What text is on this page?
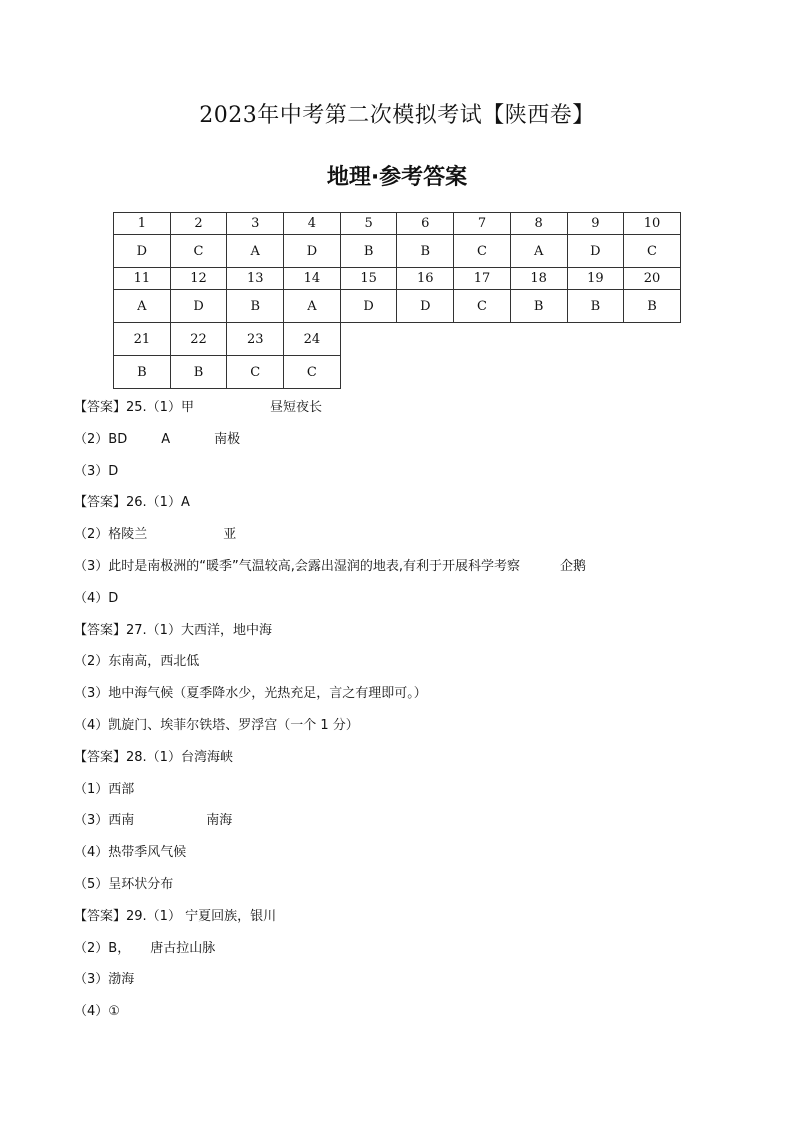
2023年中考第二次模拟考试【陕西卷】
地理·参考答案
1	2	3	4	5	6	7	8	9	10
D	C	A	D	B	B	C	A	D	C
11	12	13	14	15	16	17	18	19	20
A	D	B	A	D	D	C	B	B	B
21	22	23	24						
B	B	C	C						
【答案】25.（1）甲	昼短夜长
（2）BD	A	南极
（3）D
【答案】26.（1）A
（2）格陵兰	亚
（3）此时是南极洲的“暖季”气温较高,会露出湿润的地表,有利于开展科学考察	企鹅
（4）D
【答案】27.（1）大西洋，地中海
（2）东南高，西北低
（3）地中海气候（夏季降水少，光热充足，言之有理即可。）
（4）凯旋门、埃菲尔铁塔、罗浮宫（一个 1 分）
【答案】28.（1）台湾海峡
（1）西部
（3）西南	南海
（4）热带季风气候
（5）呈环状分布
【答案】29.（1） 宁夏回族，银川
（2）B， 唐古拉山脉
（3）渤海
（4）①
